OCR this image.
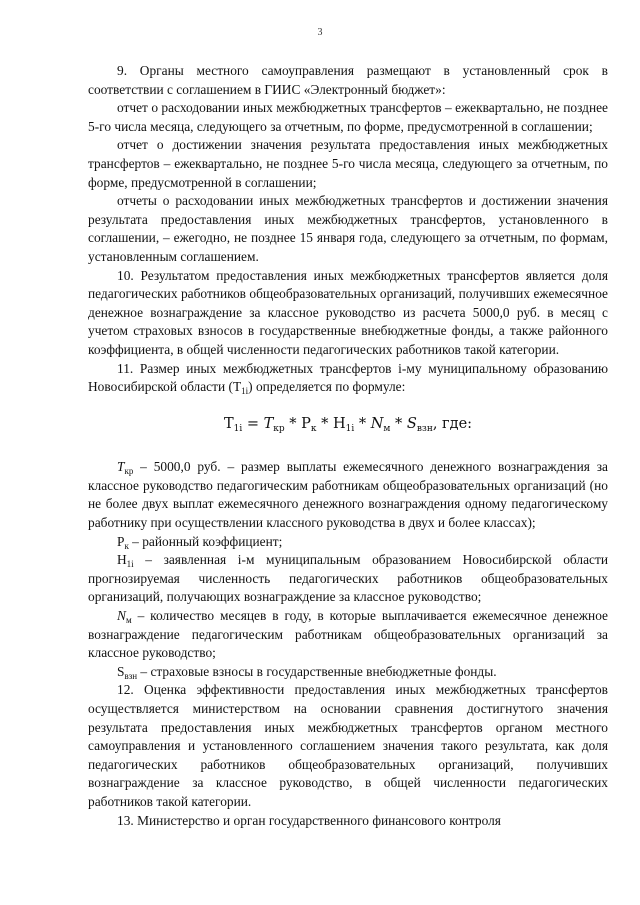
3

9. Органы местного самоуправления размещают в установленный срок в соответствии с соглашением в ГИИС «Электронный бюджет»:

отчет о расходовании иных межбюджетных трансфертов – ежеквартально, не позднее 5-го числа месяца, следующего за отчетным, по форме, предусмотренной в соглашении;

отчет о достижении значения результата предоставления иных межбюджетных трансфертов – ежеквартально, не позднее 5-го числа месяца, следующего за отчетным, по форме, предусмотренной в соглашении;

отчеты о расходовании иных межбюджетных трансфертов и достижении значения результата предоставления иных межбюджетных трансфертов, установленного в соглашении, – ежегодно, не позднее 15 января года, следующего за отчетным, по формам, установленным соглашением.

10. Результатом предоставления иных межбюджетных трансфертов является доля педагогических работников общеобразовательных организаций, получивших ежемесячное денежное вознаграждение за классное руководство из расчета 5000,0 руб. в месяц с учетом страховых взносов в государственные внебюджетные фонды, а также районного коэффициента, в общей численности педагогических работников такой категории.

11. Размер иных межбюджетных трансфертов i-му муниципальному образованию Новосибирской области $(Т_{1i})$ определяется по формуле:

$Т_{1i} = T_{кр} * Р_к * Н_{1i} * N_м * S_{взн}$, где:

$T_{кр} - 5000,0$ руб. – размер выплаты ежемесячного денежного вознаграждения за классное руководство педагогическим работникам общеобразовательных организаций (но не более двух выплат ежемесячного денежного вознаграждения одному педагогическому работнику при осуществлении классного руководства в двух и более классах);

$Р_к$ – районный коэффициент;

$Н_{1i}$ – заявленная i-м муниципальным образованием Новосибирской области прогнозируемая численность педагогических работников общеобразовательных организаций, получающих вознаграждение за классное руководство;

$N_м$ – количество месяцев в году, в которые выплачивается ежемесячное денежное вознаграждение педагогическим работникам общеобразовательных организаций за классное руководство;

$S_{взн}$ – страховые взносы в государственные внебюджетные фонды.

12. Оценка эффективности предоставления иных межбюджетных трансфертов осуществляется министерством на основании сравнения достигнутого значения результата предоставления иных межбюджетных трансфертов органом местного самоуправления и установленного соглашением значения такого результата, как доля педагогических работников общеобразовательных организаций, получивших вознаграждение за классное руководство, в общей численности педагогических работников такой категории.

13. Министерство и орган государственного финансового контроля
